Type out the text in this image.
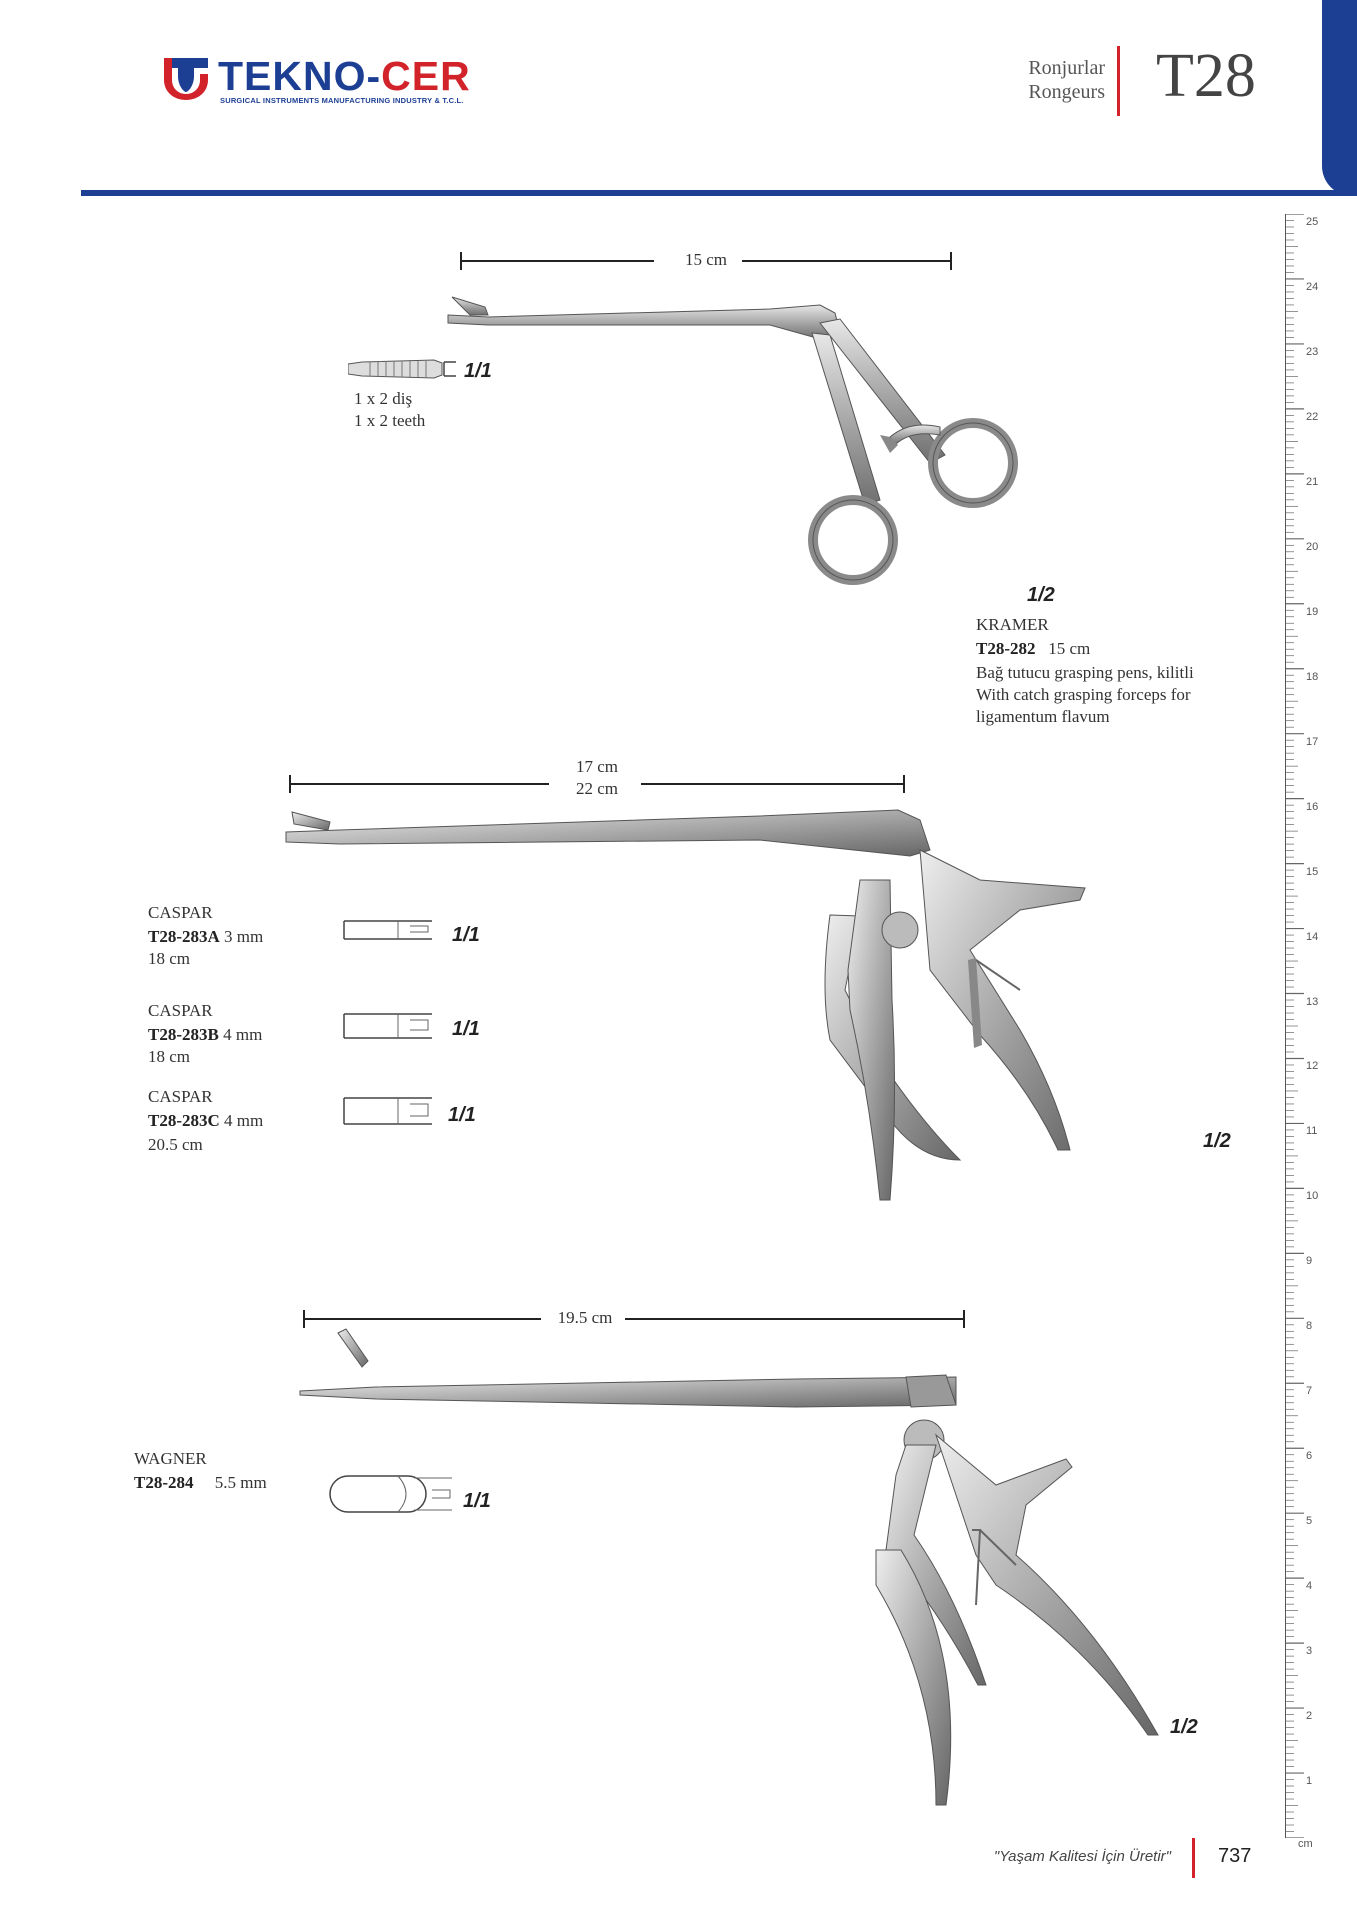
TEKNO-CER
SURGICAL INSTRUMENTS MANUFACTURING INDUSTRY & T.C.L.
Ronjurlar
Rongeurs T28
15 cm
1/1
1 x 2 diş
1 x 2 teeth
1/2
KRAMER
T28-282 15 cm
Bağ tutucu grasping pens, kilitli
With catch grasping forceps for
ligamentum flavum
17 cm
22 cm
1/2
CASPAR
T28-283A 3 mm
18 cm
1/1
CASPAR
T28-283B 4 mm
18 cm
1/1
CASPAR
T28-283C 4 mm
20.5 cm
1/1
19.5 cm
1/2
WAGNER
T28-284 5.5 mm
1/1
25
24
23
22
21
20
19
18
17
16
15
14
13
12
11
10
9
8
7
6
5
4
3
2
1
cm
"Yaşam Kalitesi İçin Üretir" 737
